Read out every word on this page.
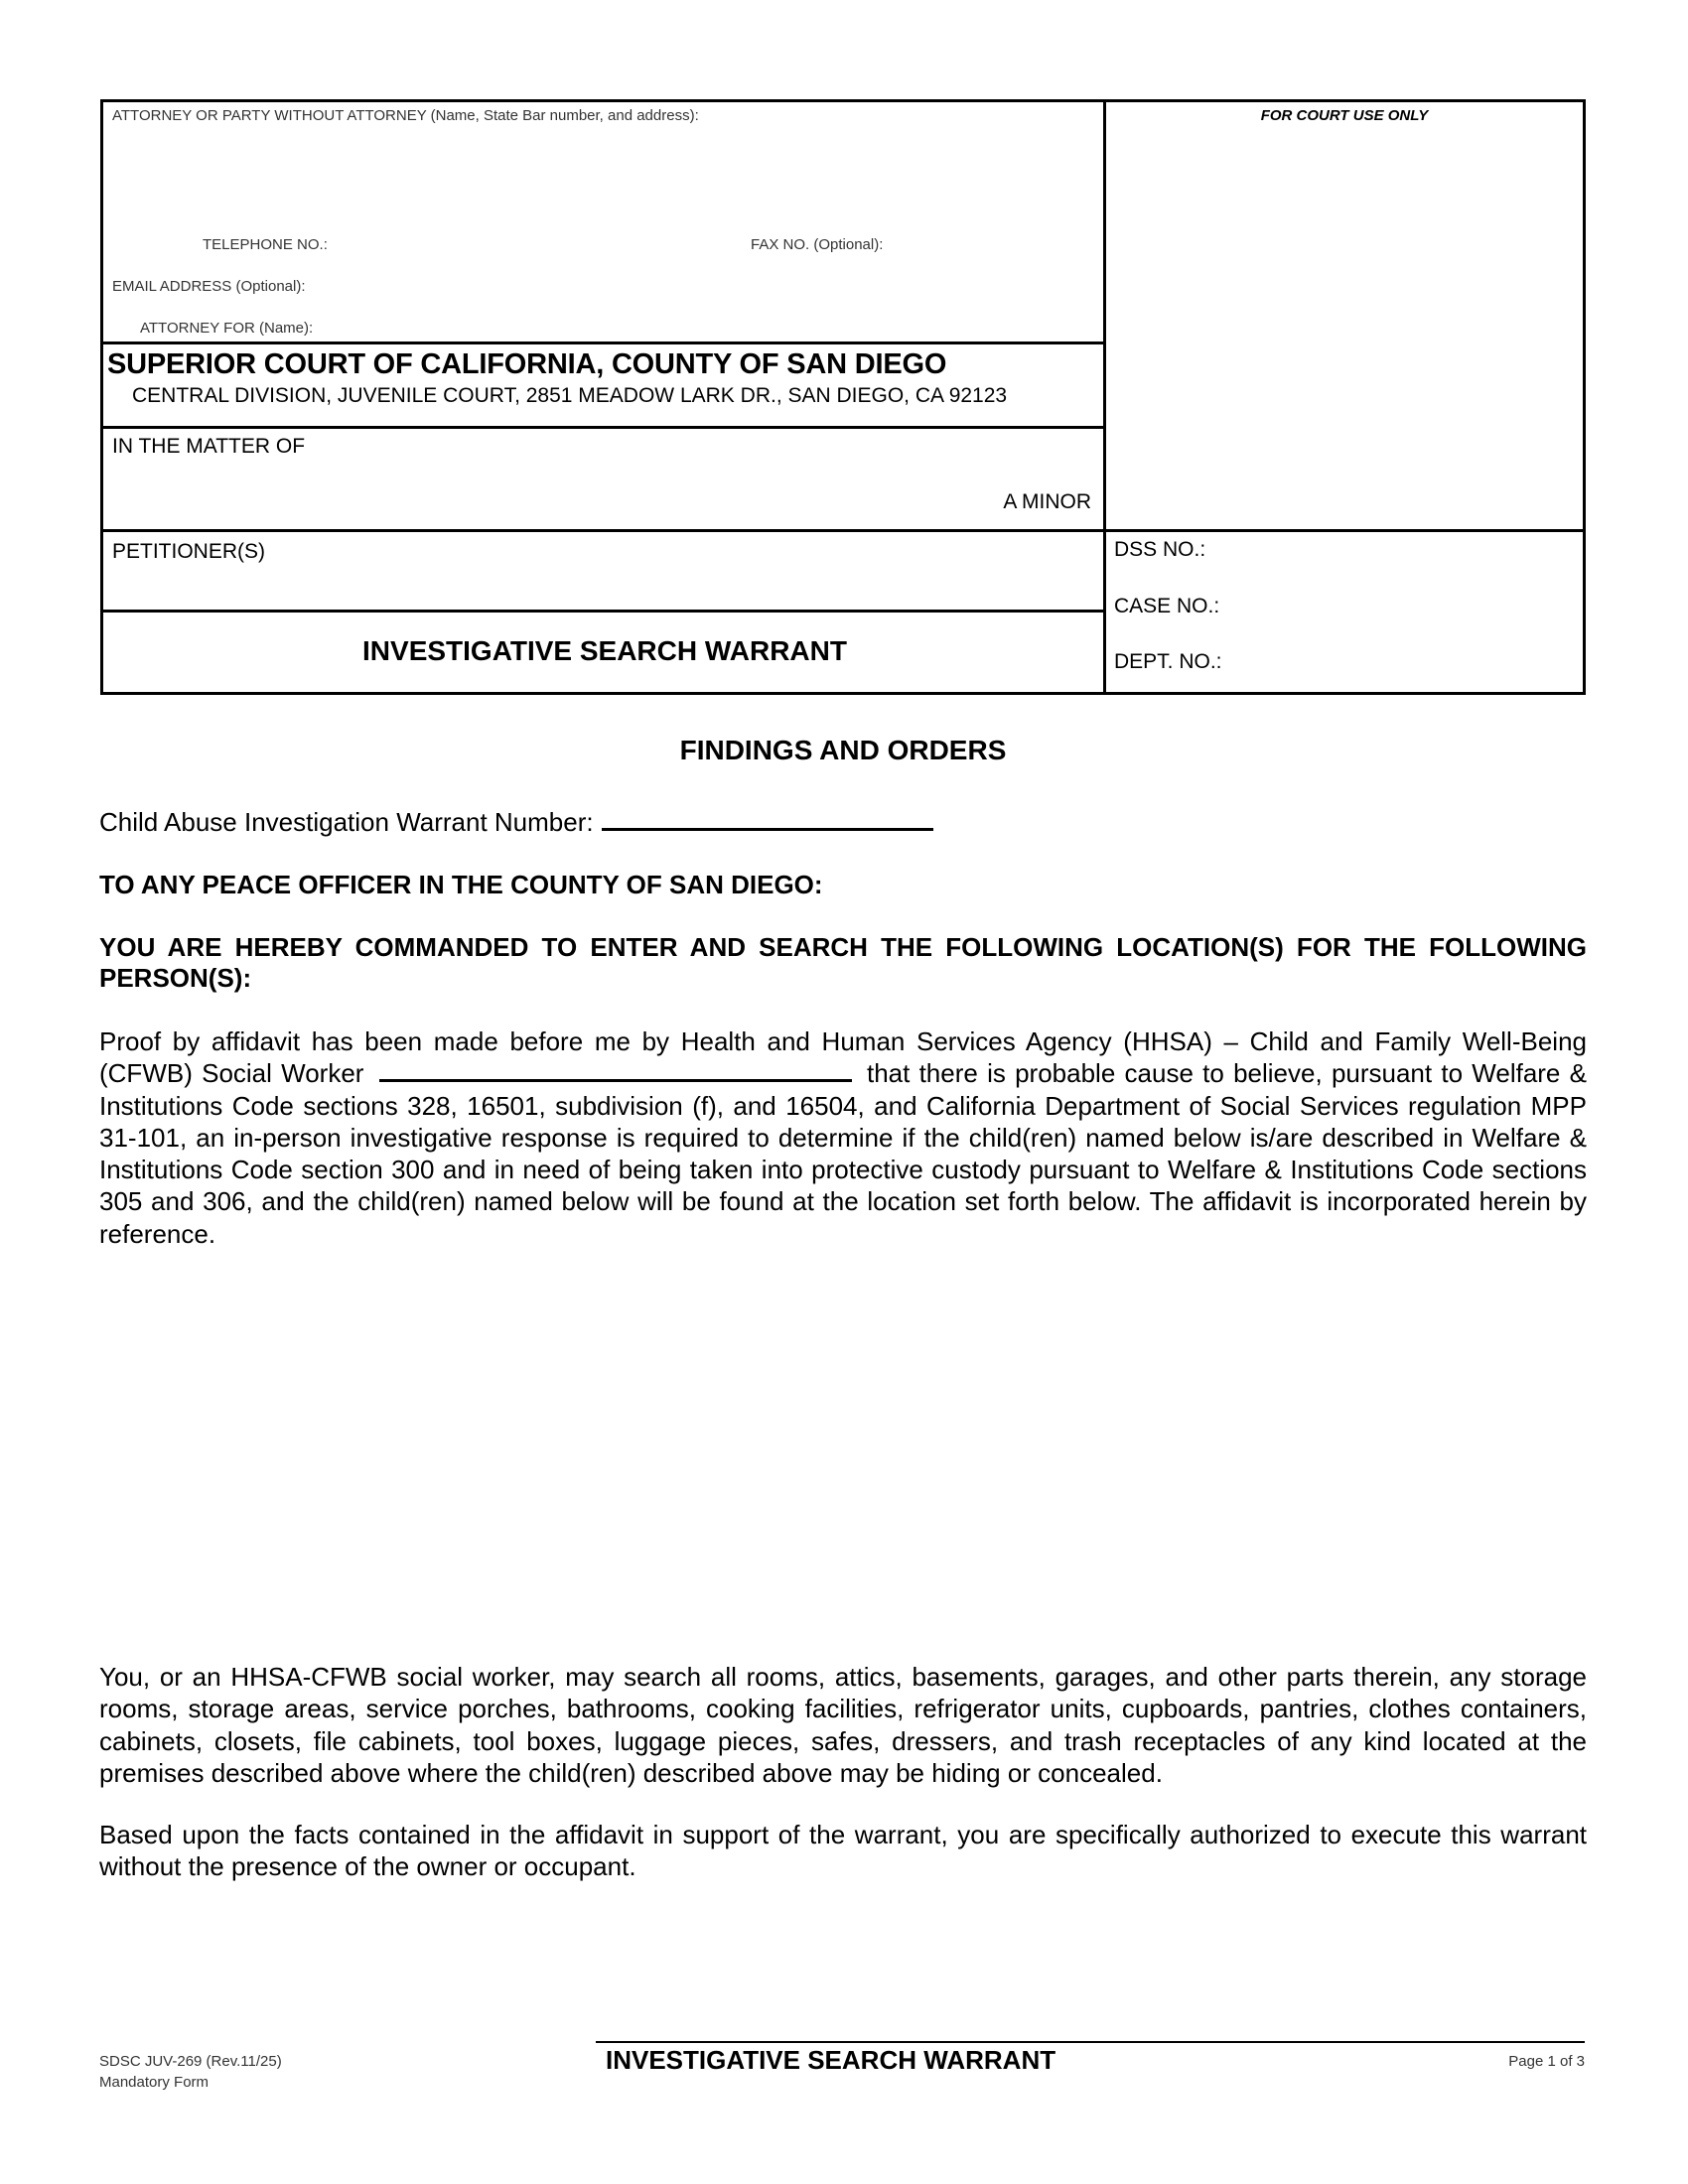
ATTORNEY OR PARTY WITHOUT ATTORNEY (Name, State Bar number, and address):
TELEPHONE NO.:	FAX NO. (Optional):
EMAIL ADDRESS (Optional):
ATTORNEY FOR (Name):
SUPERIOR COURT OF CALIFORNIA, COUNTY OF SAN DIEGO
CENTRAL DIVISION, JUVENILE COURT, 2851 MEADOW LARK DR., SAN DIEGO, CA 92123
IN THE MATTER OF
A MINOR
PETITIONER(S)
INVESTIGATIVE SEARCH WARRANT
FOR COURT USE ONLY
DSS NO.:
CASE NO.:
DEPT. NO.:
FINDINGS AND ORDERS
Child Abuse Investigation Warrant Number:
TO ANY PEACE OFFICER IN THE COUNTY OF SAN DIEGO:
YOU ARE HEREBY COMMANDED TO ENTER AND SEARCH THE FOLLOWING LOCATION(S) FOR THE FOLLOWING PERSON(S):
Proof by affidavit has been made before me by Health and Human Services Agency (HHSA) – Child and Family Well-Being (CFWB) Social Worker	that there is probable cause to believe, pursuant to Welfare & Institutions Code sections 328, 16501, subdivision (f), and 16504, and California Department of Social Services regulation MPP 31-101, an in-person investigative response is required to determine if the child(ren) named below is/are described in Welfare & Institutions Code section 300 and in need of being taken into protective custody pursuant to Welfare & Institutions Code sections 305 and 306, and the child(ren) named below will be found at the location set forth below. The affidavit is incorporated herein by reference.
You, or an HHSA-CFWB social worker, may search all rooms, attics, basements, garages, and other parts therein, any storage rooms, storage areas, service porches, bathrooms, cooking facilities, refrigerator units, cupboards, pantries, clothes containers, cabinets, closets, file cabinets, tool boxes, luggage pieces, safes, dressers, and trash receptacles of any kind located at the premises described above where the child(ren) described above may be hiding or concealed.
Based upon the facts contained in the affidavit in support of the warrant, you are specifically authorized to execute this warrant without the presence of the owner or occupant.
SDSC JUV-269 (Rev.11/25)
Mandatory Form
INVESTIGATIVE SEARCH WARRANT	Page 1 of 3
